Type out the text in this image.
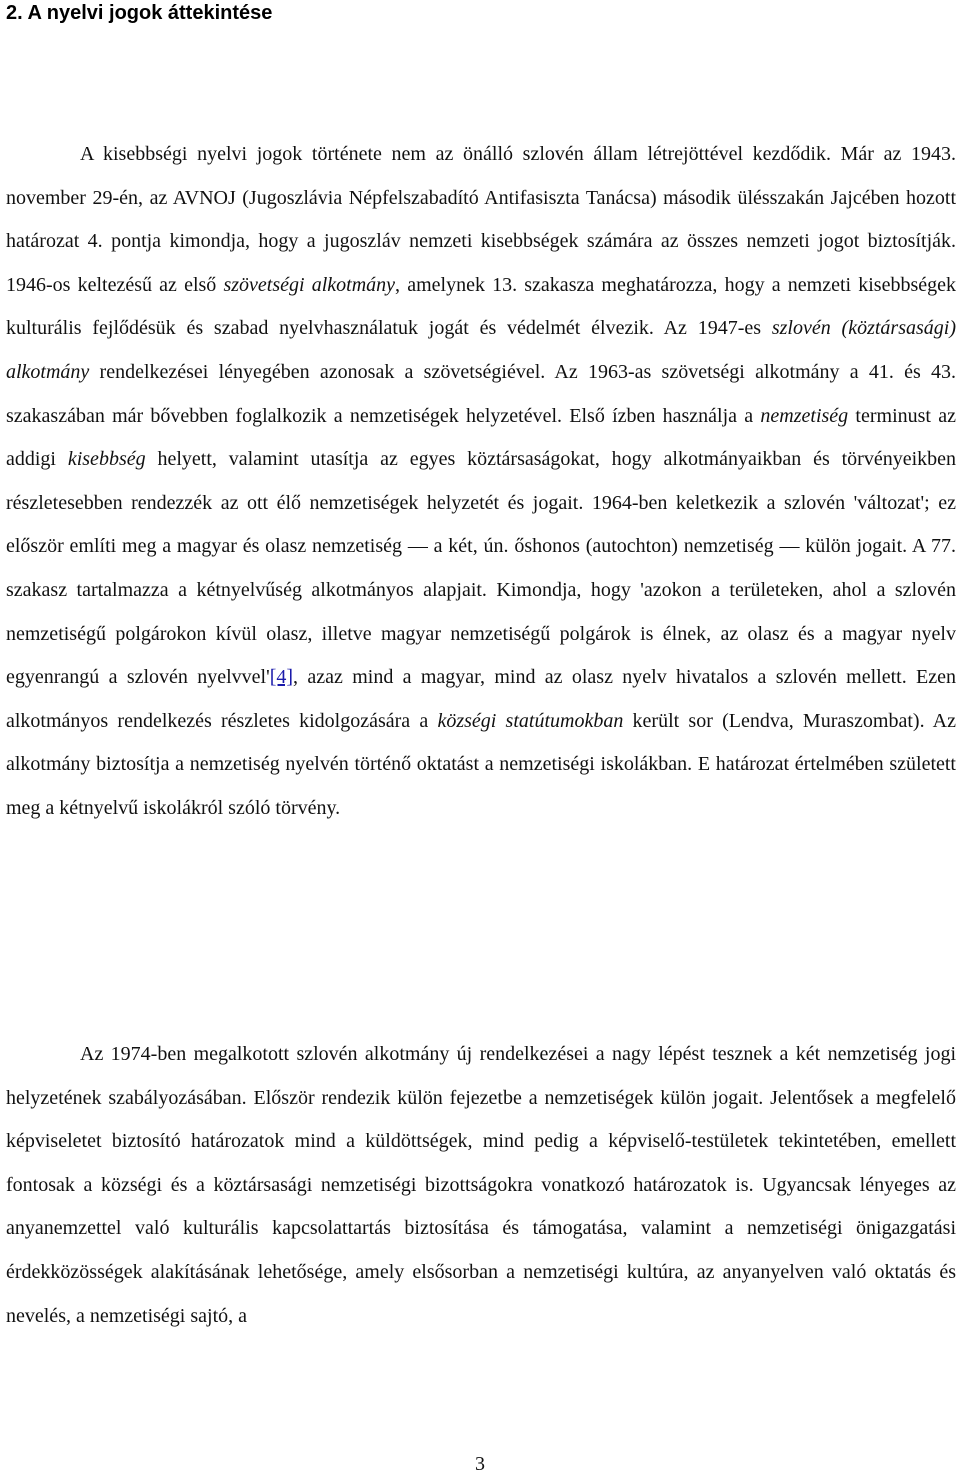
2. A nyelvi jogok áttekintése

A kisebbségi nyelvi jogok története nem az önálló szlovén állam létrejöttével kezdődik. Már az 1943. november 29-én, az AVNOJ (Jugoszlávia Népfelszabadító Antifasiszta Tanácsa) második ülésszakán Jajcében hozott határozat 4. pontja kimondja, hogy a jugoszláv nemzeti kisebbségek számára az összes nemzeti jogot biztosítják. 1946-os keltezésű az első szövetségi alkotmány, amelynek 13. szakasza meghatározza, hogy a nemzeti kisebbségek kulturális fejlődésük és szabad nyelvhasználatuk jogát és védelmét élvezik. Az 1947-es szlovén (köztársasági) alkotmány rendelkezései lényegében azonosak a szövetségiével. Az 1963-as szövetségi alkotmány a 41. és 43. szakaszában már bővebben foglalkozik a nemzetiségek helyzetével. Első ízben használja a nemzetiség terminust az addigi kisebbség helyett, valamint utasítja az egyes köztársaságokat, hogy alkotmányaikban és törvényeikben részletesebben rendezzék az ott élő nemzetiségek helyzetét és jogait. 1964-ben keletkezik a szlovén 'változat'; ez először említi meg a magyar és olasz nemzetiség — a két, ún. őshonos (autochton) nemzetiség — külön jogait. A 77. szakasz tartalmazza a kétnyelvűség alkotmányos alapjait. Kimondja, hogy 'azokon a területeken, ahol a szlovén nemzetiségű polgárokon kívül olasz, illetve magyar nemzetiségű polgárok is élnek, az olasz és a magyar nyelv egyenrangú a szlovén nyelvvel'[4], azaz mind a magyar, mind az olasz nyelv hivatalos a szlovén mellett. Ezen alkotmányos rendelkezés részletes kidolgozására a községi statútumokban került sor (Lendva, Muraszombat). Az alkotmány biztosítja a nemzetiség nyelvén történő oktatást a nemzetiségi iskolákban. E határozat értelmében született meg a kétnyelvű iskolákról szóló törvény.

Az 1974-ben megalkotott szlovén alkotmány új rendelkezései a nagy lépést tesznek a két nemzetiség jogi helyzetének szabályozásában. Először rendezik külön fejezetbe a nemzetiségek külön jogait. Jelentősek a megfelelő képviseletet biztosító határozatok mind a küldöttségek, mind pedig a képviselő-testületek tekintetében, emellett fontosak a községi és a köztársasági nemzetiségi bizottságokra vonatkozó határozatok is. Ugyancsak lényeges az anyanemzettel való kulturális kapcsolattartás biztosítása és támogatása, valamint a nemzetiségi önigazgatási érdekközösségek alakításának lehetősége, amely elsősorban a nemzetiségi kultúra, az anyanyelven való oktatás és nevelés, a nemzetiségi sajtó, a

3
